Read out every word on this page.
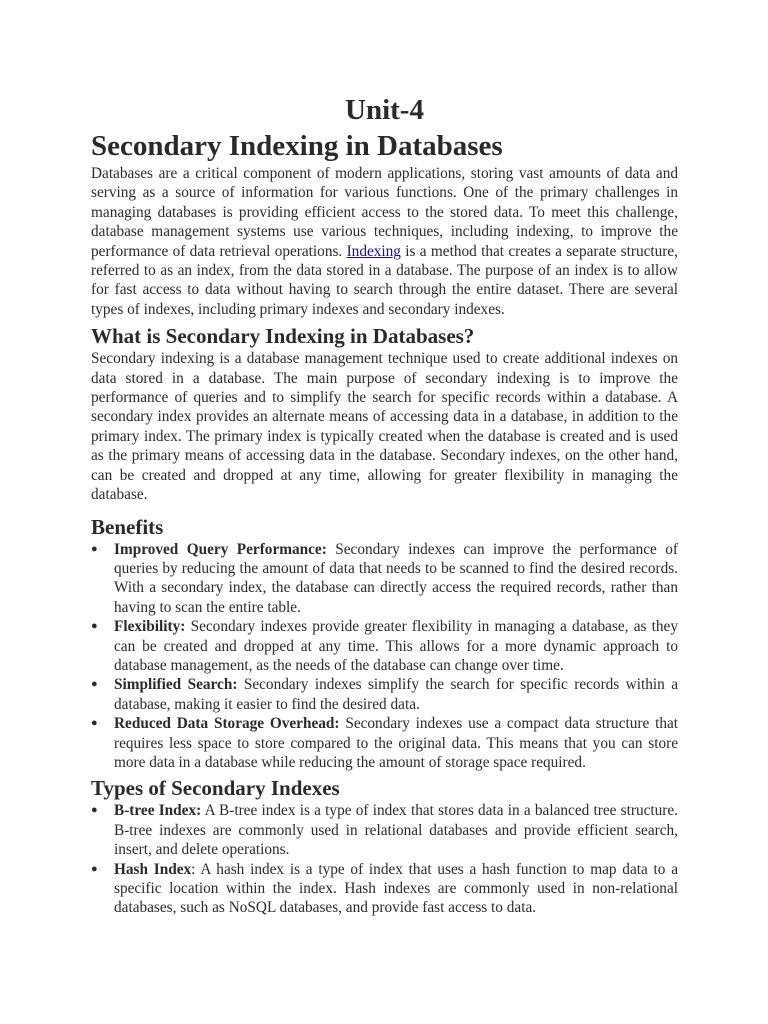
Unit-4
Secondary Indexing in Databases

Databases are a critical component of modern applications, storing vast amounts of data and serving as a source of information for various functions. One of the primary challenges in managing databases is providing efficient access to the stored data. To meet this challenge, database management systems use various techniques, including indexing, to improve the performance of data retrieval operations. Indexing is a method that creates a separate structure, referred to as an index, from the data stored in a database. The purpose of an index is to allow for fast access to data without having to search through the entire dataset. There are several types of indexes, including primary indexes and secondary indexes.

What is Secondary Indexing in Databases?

Secondary indexing is a database management technique used to create additional indexes on data stored in a database. The main purpose of secondary indexing is to improve the performance of queries and to simplify the search for specific records within a database. A secondary index provides an alternate means of accessing data in a database, in addition to the primary index. The primary index is typically created when the database is created and is used as the primary means of accessing data in the database. Secondary indexes, on the other hand, can be created and dropped at any time, allowing for greater flexibility in managing the database.

Benefits
● Improved Query Performance: Secondary indexes can improve the performance of queries by reducing the amount of data that needs to be scanned to find the desired records. With a secondary index, the database can directly access the required records, rather than having to scan the entire table.
● Flexibility: Secondary indexes provide greater flexibility in managing a database, as they can be created and dropped at any time. This allows for a more dynamic approach to database management, as the needs of the database can change over time.
● Simplified Search: Secondary indexes simplify the search for specific records within a database, making it easier to find the desired data.
● Reduced Data Storage Overhead: Secondary indexes use a compact data structure that requires less space to store compared to the original data. This means that you can store more data in a database while reducing the amount of storage space required.
Types of Secondary Indexes
● B-tree Index: A B-tree index is a type of index that stores data in a balanced tree structure. B-tree indexes are commonly used in relational databases and provide efficient search, insert, and delete operations.
● Hash Index: A hash index is a type of index that uses a hash function to map data to a specific location within the index. Hash indexes are commonly used in non-relational databases, such as NoSQL databases, and provide fast access to data.
